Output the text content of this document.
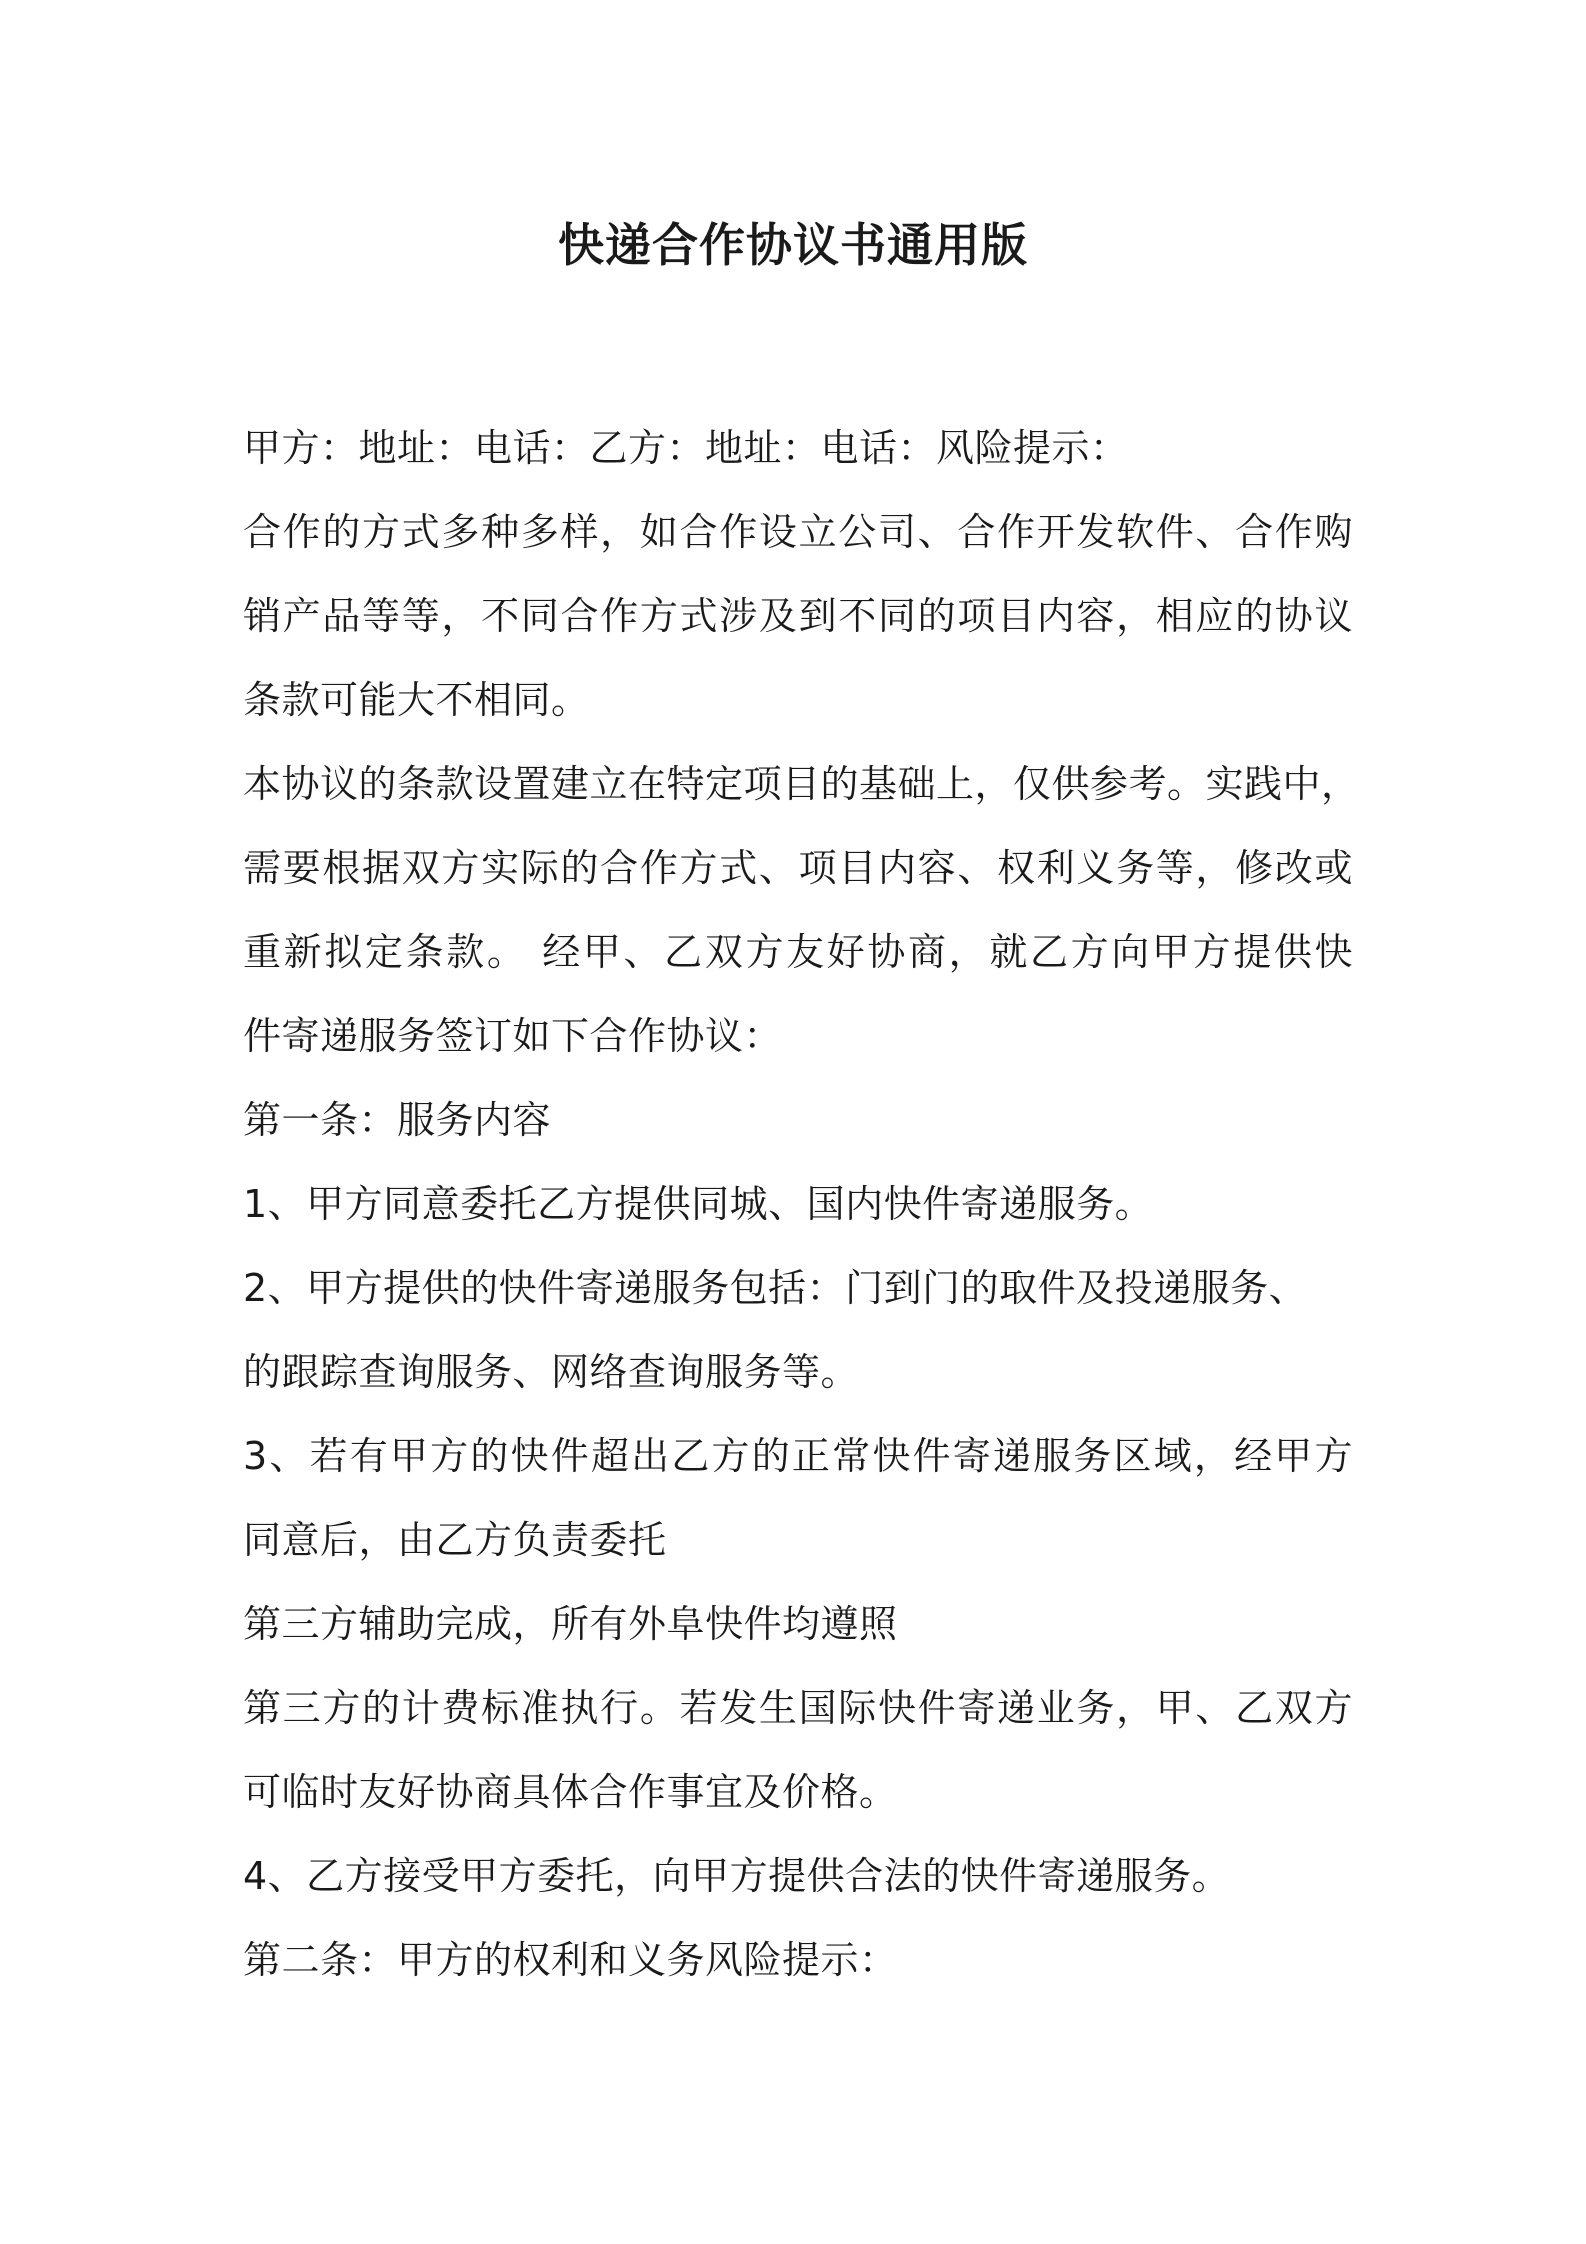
快递合作协议书通用版
甲方：地址：电话：乙方：地址：电话：风险提示：
合作的方式多种多样，如合作设立公司、合作开发软件、合作购
销产品等等，不同合作方式涉及到不同的项目内容，相应的协议
条款可能大不相同。
本协议的条款设置建立在特定项目的基础上，仅供参考。实践中，
需要根据双方实际的合作方式、项目内容、权利义务等，修改或
重新拟定条款。 经甲、乙双方友好协商，就乙方向甲方提供快
件寄递服务签订如下合作协议：
第一条：服务内容
1、甲方同意委托乙方提供同城、国内快件寄递服务。
2、甲方提供的快件寄递服务包括：门到门的取件及投递服务、
的跟踪查询服务、网络查询服务等。
3、若有甲方的快件超出乙方的正常快件寄递服务区域，经甲方
同意后，由乙方负责委托
第三方辅助完成，所有外阜快件均遵照
第三方的计费标准执行。若发生国际快件寄递业务，甲、乙双方
可临时友好协商具体合作事宜及价格。
4、乙方接受甲方委托，向甲方提供合法的快件寄递服务。
第二条：甲方的权利和义务风险提示：
